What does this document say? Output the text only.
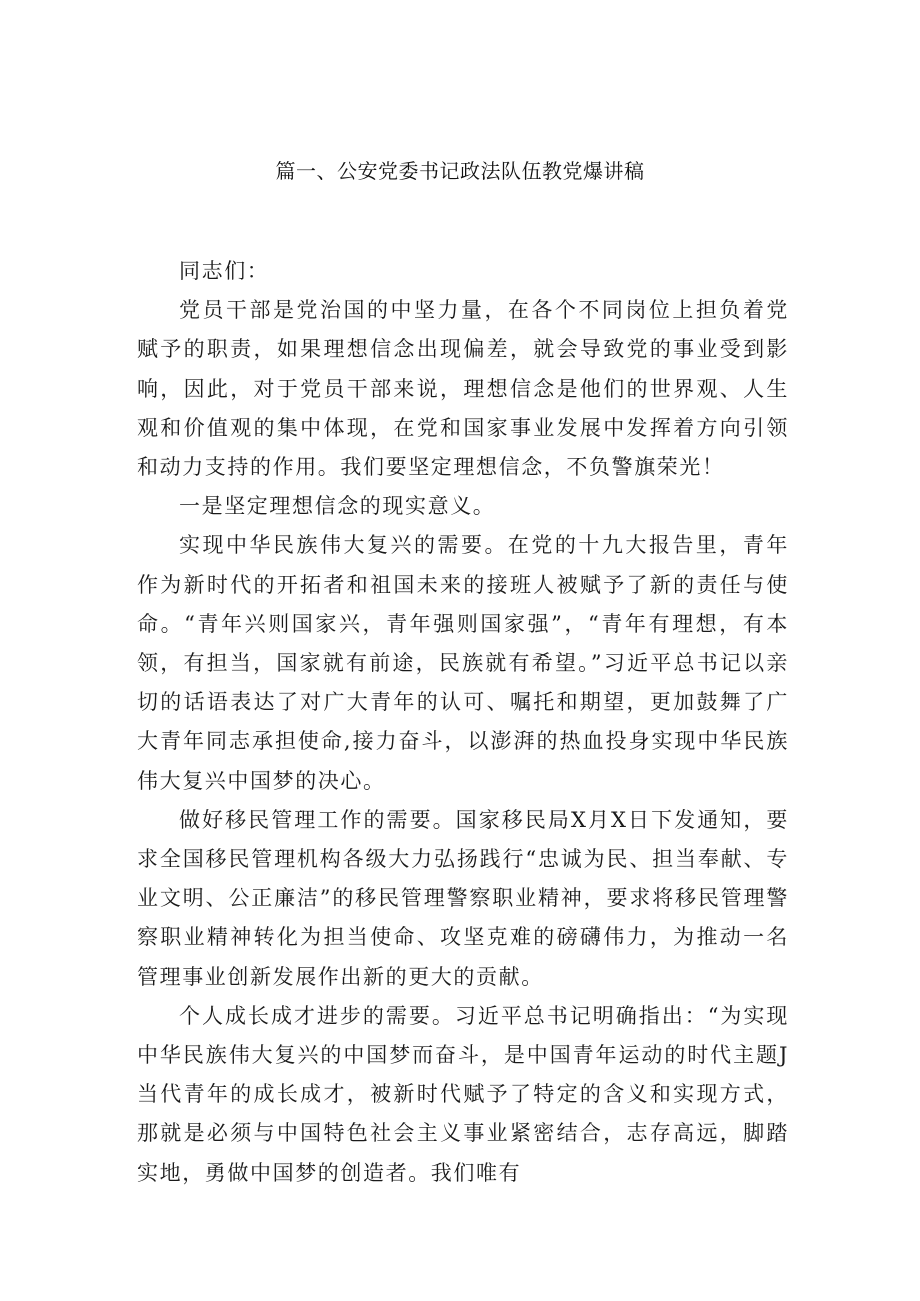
篇一、公安党委书记政法队伍教党爆讲稿

同志们：

党员干部是党治国的中坚力量，在各个不同岗位上担负着党赋予的职责，如果理想信念出现偏差，就会导致党的事业受到影响，因此，对于党员干部来说，理想信念是他们的世界观、人生观和价值观的集中体现，在党和国家事业发展中发挥着方向引领和动力支持的作用。我们要坚定理想信念，不负警旗荣光！

一是坚定理想信念的现实意义。

实现中华民族伟大复兴的需要。在党的十九大报告里，青年作为新时代的开拓者和祖国未来的接班人被赋予了新的责任与使命。“青年兴则国家兴，青年强则国家强”，“青年有理想，有本领，有担当，国家就有前途，民族就有希望。”习近平总书记以亲切的话语表达了对广大青年的认可、嘱托和期望，更加鼓舞了广大青年同志承担使命,接力奋斗，以澎湃的热血投身实现中华民族伟大复兴中国梦的决心。

做好移民管理工作的需要。国家移民局X月X日下发通知，要求全国移民管理机构各级大力弘扬践行“忠诚为民、担当奉献、专业文明、公正廉洁”的移民管理警察职业精神，要求将移民管理警察职业精神转化为担当使命、攻坚克难的磅礴伟力，为推动一名管理事业创新发展作出新的更大的贡献。

个人成长成才进步的需要。习近平总书记明确指出：“为实现中华民族伟大复兴的中国梦而奋斗，是中国青年运动的时代主题J当代青年的成长成才，被新时代赋予了特定的含义和实现方式，那就是必须与中国特色社会主义事业紧密结合，志存高远，脚踏实地，勇做中国梦的创造者。我们唯有
